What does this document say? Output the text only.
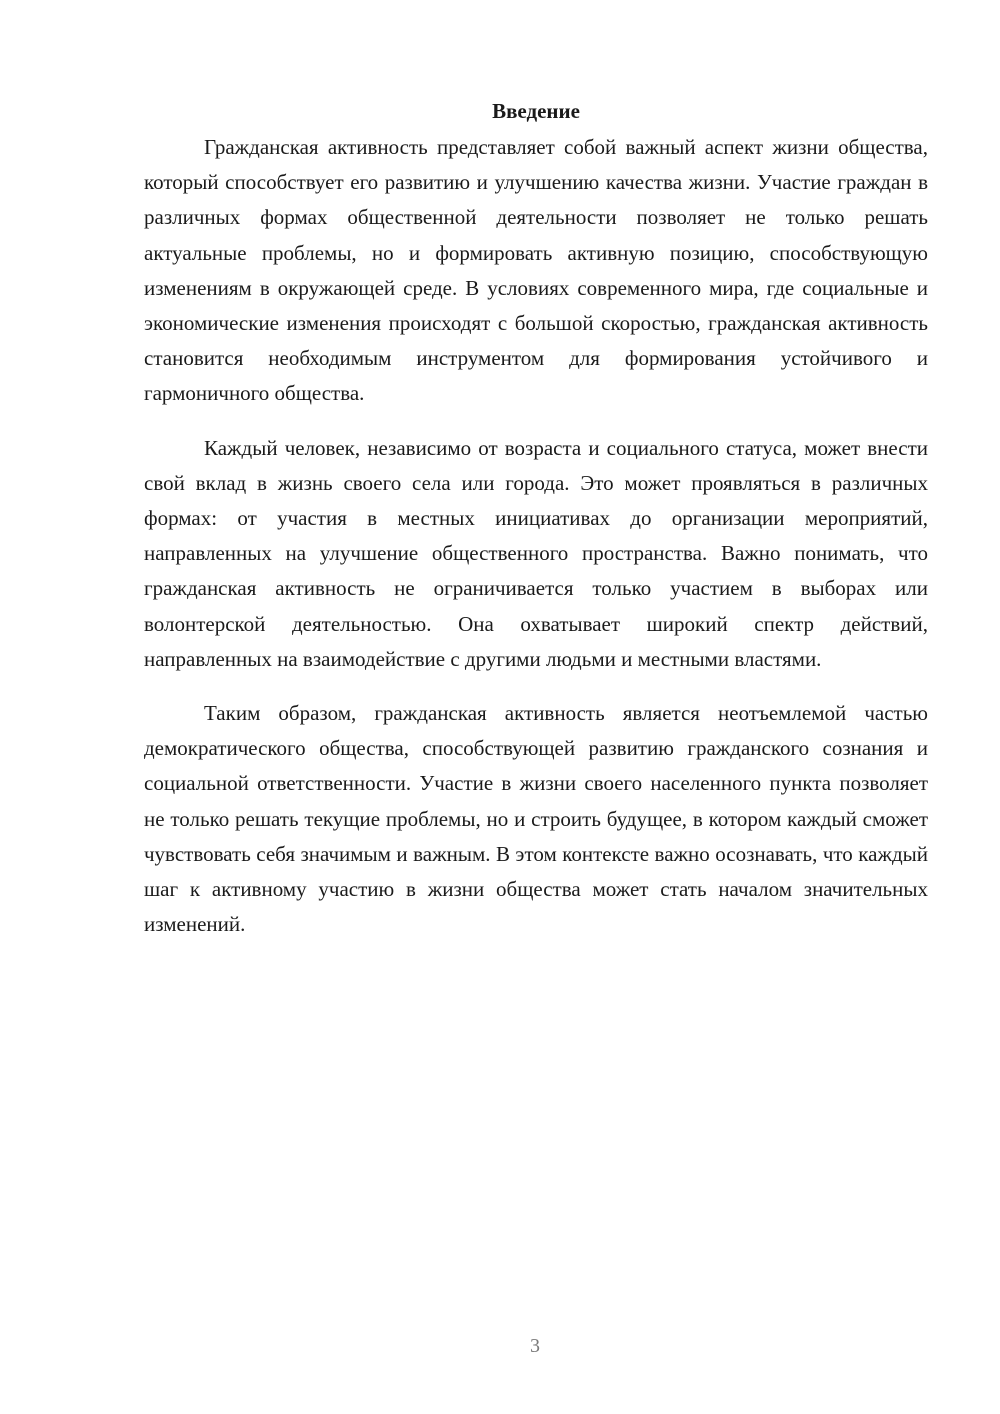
Введение

Гражданская активность представляет собой важный аспект жизни общества, который способствует его развитию и улучшению качества жизни. Участие граждан в различных формах общественной деятельности позволяет не только решать актуальные проблемы, но и формировать активную позицию, способствующую изменениям в окружающей среде. В условиях современного мира, где социальные и экономические изменения происходят с большой скоростью, гражданская активность становится необходимым инструментом для формирования устойчивого и гармоничного общества.

Каждый человек, независимо от возраста и социального статуса, может внести свой вклад в жизнь своего села или города. Это может проявляться в различных формах: от участия в местных инициативах до организации мероприятий, направленных на улучшение общественного пространства. Важно понимать, что гражданская активность не ограничивается только участием в выборах или волонтерской деятельностью. Она охватывает широкий спектр действий, направленных на взаимодействие с другими людьми и местными властями.

Таким образом, гражданская активность является неотъемлемой частью демократического общества, способствующей развитию гражданского сознания и социальной ответственности. Участие в жизни своего населенного пункта позволяет не только решать текущие проблемы, но и строить будущее, в котором каждый сможет чувствовать себя значимым и важным. В этом контексте важно осознавать, что каждый шаг к активному участию в жизни общества может стать началом значительных изменений.

3
